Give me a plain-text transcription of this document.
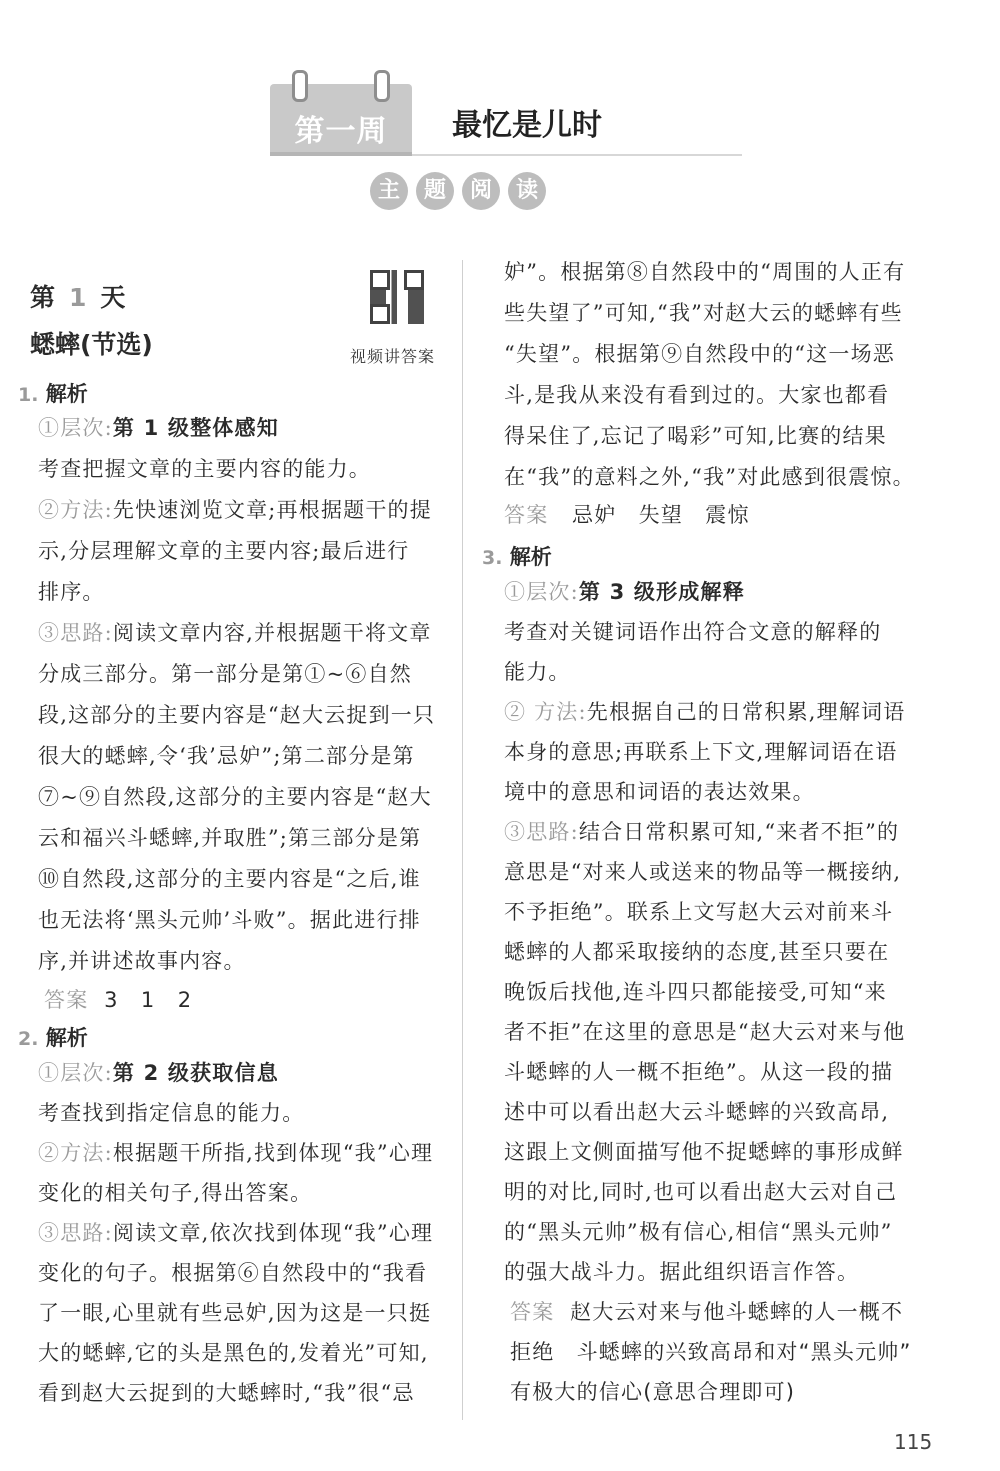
第一周	最忆是儿时
主	题	阅	读
第 1 天
蟋蟀(节选)	视频讲答案
1. 解析
①层次:第 1 级整体感知
考查把握文章的主要内容的能力。
②方法:先快速浏览文章;再根据题干的提
示,分层理解文章的主要内容;最后进行
排序。
③思路:阅读文章内容,并根据题干将文章
分成三部分。第一部分是第①~⑥自然
段,这部分的主要内容是“赵大云捉到一只
很大的蟋蟀,令‘我’忌妒”;第二部分是第
⑦~⑨自然段,这部分的主要内容是“赵大
云和福兴斗蟋蟀,并取胜”;第三部分是第
⑩自然段,这部分的主要内容是“之后,谁
也无法将‘黑头元帅’斗败”。据此进行排
序,并讲述故事内容。
答案 3　1　2
2. 解析
①层次:第 2 级获取信息
考查找到指定信息的能力。
②方法:根据题干所指,找到体现“我”心理
变化的相关句子,得出答案。
③思路:阅读文章,依次找到体现“我”心理
变化的句子。根据第⑥自然段中的“我看
了一眼,心里就有些忌妒,因为这是一只挺
大的蟋蟀,它的头是黑色的,发着光”可知,
看到赵大云捉到的大蟋蟀时,“我”很“忌
妒”。根据第⑧自然段中的“周围的人正有
些失望了”可知,“我”对赵大云的蟋蟀有些
“失望”。根据第⑨自然段中的“这一场恶
斗,是我从来没有看到过的。大家也都看
得呆住了,忘记了喝彩”可知,比赛的结果
在“我”的意料之外,“我”对此感到很震惊。
答案 忌妒　失望　震惊
3. 解析
①层次:第 3 级形成解释
考查对关键词语作出符合文意的解释的
能力。
② 方法:先根据自己的日常积累,理解词语
本身的意思;再联系上下文,理解词语在语
境中的意思和词语的表达效果。
③思路:结合日常积累可知,“来者不拒”的
意思是“对来人或送来的物品等一概接纳,
不予拒绝”。联系上文写赵大云对前来斗
蟋蟀的人都采取接纳的态度,甚至只要在
晚饭后找他,连斗四只都能接受,可知“来
者不拒”在这里的意思是“赵大云对来与他
斗蟋蟀的人一概不拒绝”。从这一段的描
述中可以看出赵大云斗蟋蟀的兴致高昂,
这跟上文侧面描写他不捉蟋蟀的事形成鲜
明的对比,同时,也可以看出赵大云对自己
的“黑头元帅”极有信心,相信“黑头元帅”
的强大战斗力。据此组织语言作答。
答案 赵大云对来与他斗蟋蟀的人一概不
拒绝　斗蟋蟀的兴致高昂和对“黑头元帅”
有极大的信心(意思合理即可)
115
